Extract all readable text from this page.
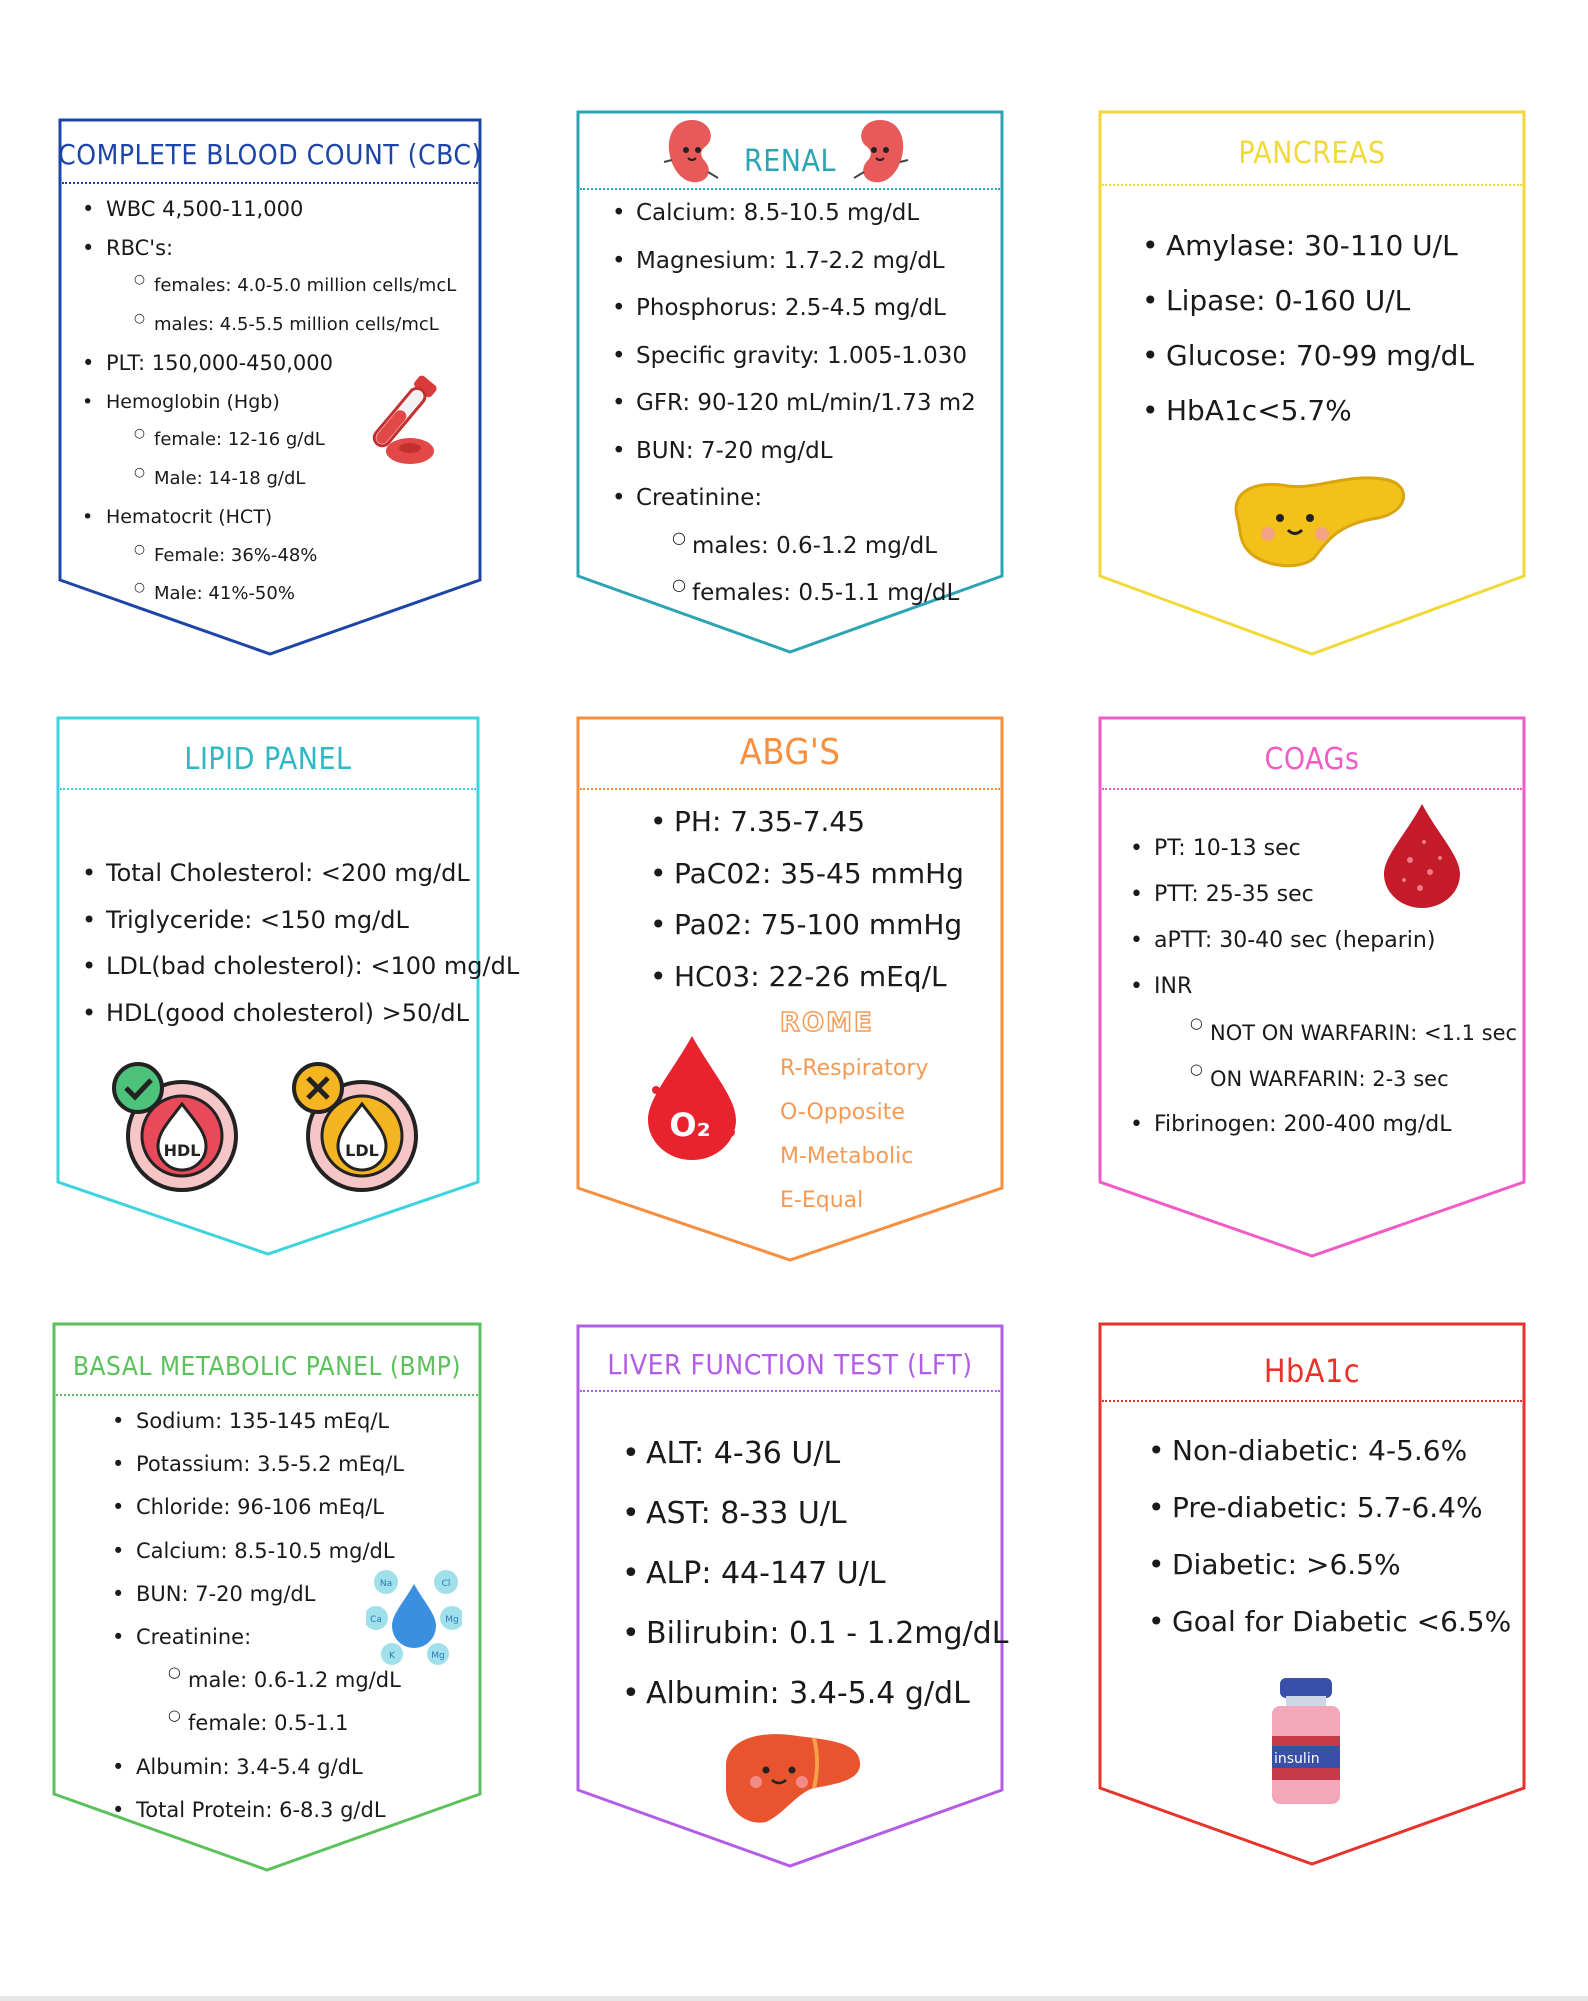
COMPLETE BLOOD COUNT (CBC)
• WBC 4,500-11,000
• RBC's:
○ females: 4.0-5.0 million cells/mcL
○ males: 4.5-5.5 million cells/mcL
• PLT: 150,000-450,000
• Hemoglobin (Hgb)
○ female: 12-16 g/dL
○ Male: 14-18 g/dL
• Hematocrit (HCT)
○ Female: 36%-48%
○ Male: 41%-50%
RENAL
• Calcium: 8.5-10.5 mg/dL
• Magnesium: 1.7-2.2 mg/dL
• Phosphorus: 2.5-4.5 mg/dL
• Specific gravity: 1.005-1.030
• GFR: 90-120 mL/min/1.73 m2
• BUN: 7-20 mg/dL
• Creatinine:
○ males: 0.6-1.2 mg/dL
○ females: 0.5-1.1 mg/dL
PANCREAS
• Amylase: 30-110 U/L
• Lipase: 0-160 U/L
• Glucose: 70-99 mg/dL
• HbA1c<5.7%
LIPID PANEL
• Total Cholesterol: <200 mg/dL
• Triglyceride: <150 mg/dL
• LDL(bad cholesterol): <100 mg/dL
• HDL(good cholesterol) >50/dL
HDL	LDL
ABG'S
• PH: 7.35-7.45
• PaC02: 35-45 mmHg
• Pa02: 75-100 mmHg
• HC03: 22-26 mEq/L
O₂
ROME
R-Respiratory
O-Opposite
M-Metabolic
E-Equal
COAGs
• PT: 10-13 sec
• PTT: 25-35 sec
• aPTT: 30-40 sec (heparin)
• INR
○ NOT ON WARFARIN: <1.1 sec
○ ON WARFARIN: 2-3 sec
• Fibrinogen: 200-400 mg/dL
BASAL METABOLIC PANEL (BMP)
• Sodium: 135-145 mEq/L
• Potassium: 3.5-5.2 mEq/L
• Chloride: 96-106 mEq/L
• Calcium: 8.5-10.5 mg/dL
• BUN: 7-20 mg/dL
• Creatinine:
○ male: 0.6-1.2 mg/dL
○ female: 0.5-1.1
• Albumin: 3.4-5.4 g/dL
• Total Protein: 6-8.3 g/dL
Na	Cl
Ca	Mg
K	Mg
LIVER FUNCTION TEST (LFT)
• ALT: 4-36 U/L
• AST: 8-33 U/L
• ALP: 44-147 U/L
• Bilirubin: 0.1 - 1.2mg/dL
• Albumin: 3.4-5.4 g/dL
HbA1c
• Non-diabetic: 4-5.6%
• Pre-diabetic: 5.7-6.4%
• Diabetic: >6.5%
• Goal for Diabetic <6.5%
insulin
